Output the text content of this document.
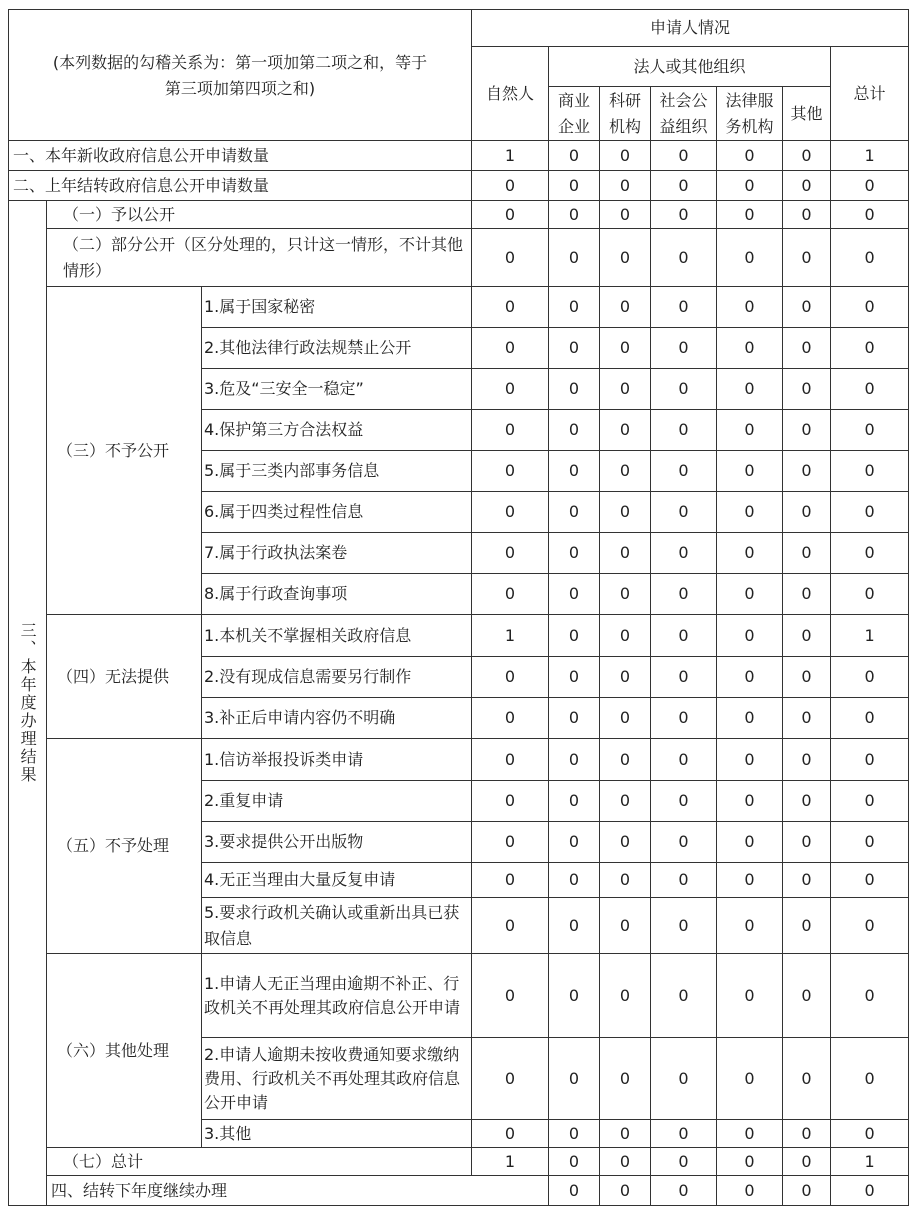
(本列数据的勾稽关系为：第一项加第二项之和，等于第三项加第四项之和)			申请人情况							
			自然人	法人或其他组织					总计	
				商业企业	科研机构	社会公益组织	法律服务机构	其他		
一、本年新收政府信息公开申请数量			1	0	0	0	0	0	1	
二、上年结转政府信息公开申请数量			0	0	0	0	0	0	0	

三、本年度办理结果	（一）予以公开		0	0	0	0	0	0	0	
	（二）部分公开（区分处理的，只计这一情形，不计其他情形）		0	0	0	0	0	0	0	
	（三）不予公开	1.属于国家秘密	0	0	0	0	0	0	0	
		2.其他法律行政法规禁止公开	0	0	0	0	0	0	0	
		3.危及“三安全一稳定”	0	0	0	0	0	0	0	
		4.保护第三方合法权益	0	0	0	0	0	0	0	
		5.属于三类内部事务信息	0	0	0	0	0	0	0	
		6.属于四类过程性信息	0	0	0	0	0	0	0	
		7.属于行政执法案卷	0	0	0	0	0	0	0	
		8.属于行政查询事项	0	0	0	0	0	0	0	
	（四）无法提供	1.本机关不掌握相关政府信息	1	0	0	0	0	0	1	
		2.没有现成信息需要另行制作	0	0	0	0	0	0	0	
		3.补正后申请内容仍不明确	0	0	0	0	0	0	0	
	（五）不予处理	1.信访举报投诉类申请	0	0	0	0	0	0	0	
		2.重复申请	0	0	0	0	0	0	0	
		3.要求提供公开出版物	0	0	0	0	0	0	0	
		4.无正当理由大量反复申请	0	0	0	0	0	0	0	
		5.要求行政机关确认或重新出具已获取信息	0	0	0	0	0	0	0	
	（六）其他处理	1.申请人无正当理由逾期不补正、行政机关不再处理其政府信息公开申请	0	0	0	0	0	0	0	
		2.申请人逾期未按收费通知要求缴纳费用、行政机关不再处理其政府信息公开申请	0	0	0	0	0	0	0	
		3.其他	0	0	0	0	0	0	0	
	（七）总计		1	0	0	0	0	0	1	
	四、结转下年度继续办理			0	0	0	0	0	0	
